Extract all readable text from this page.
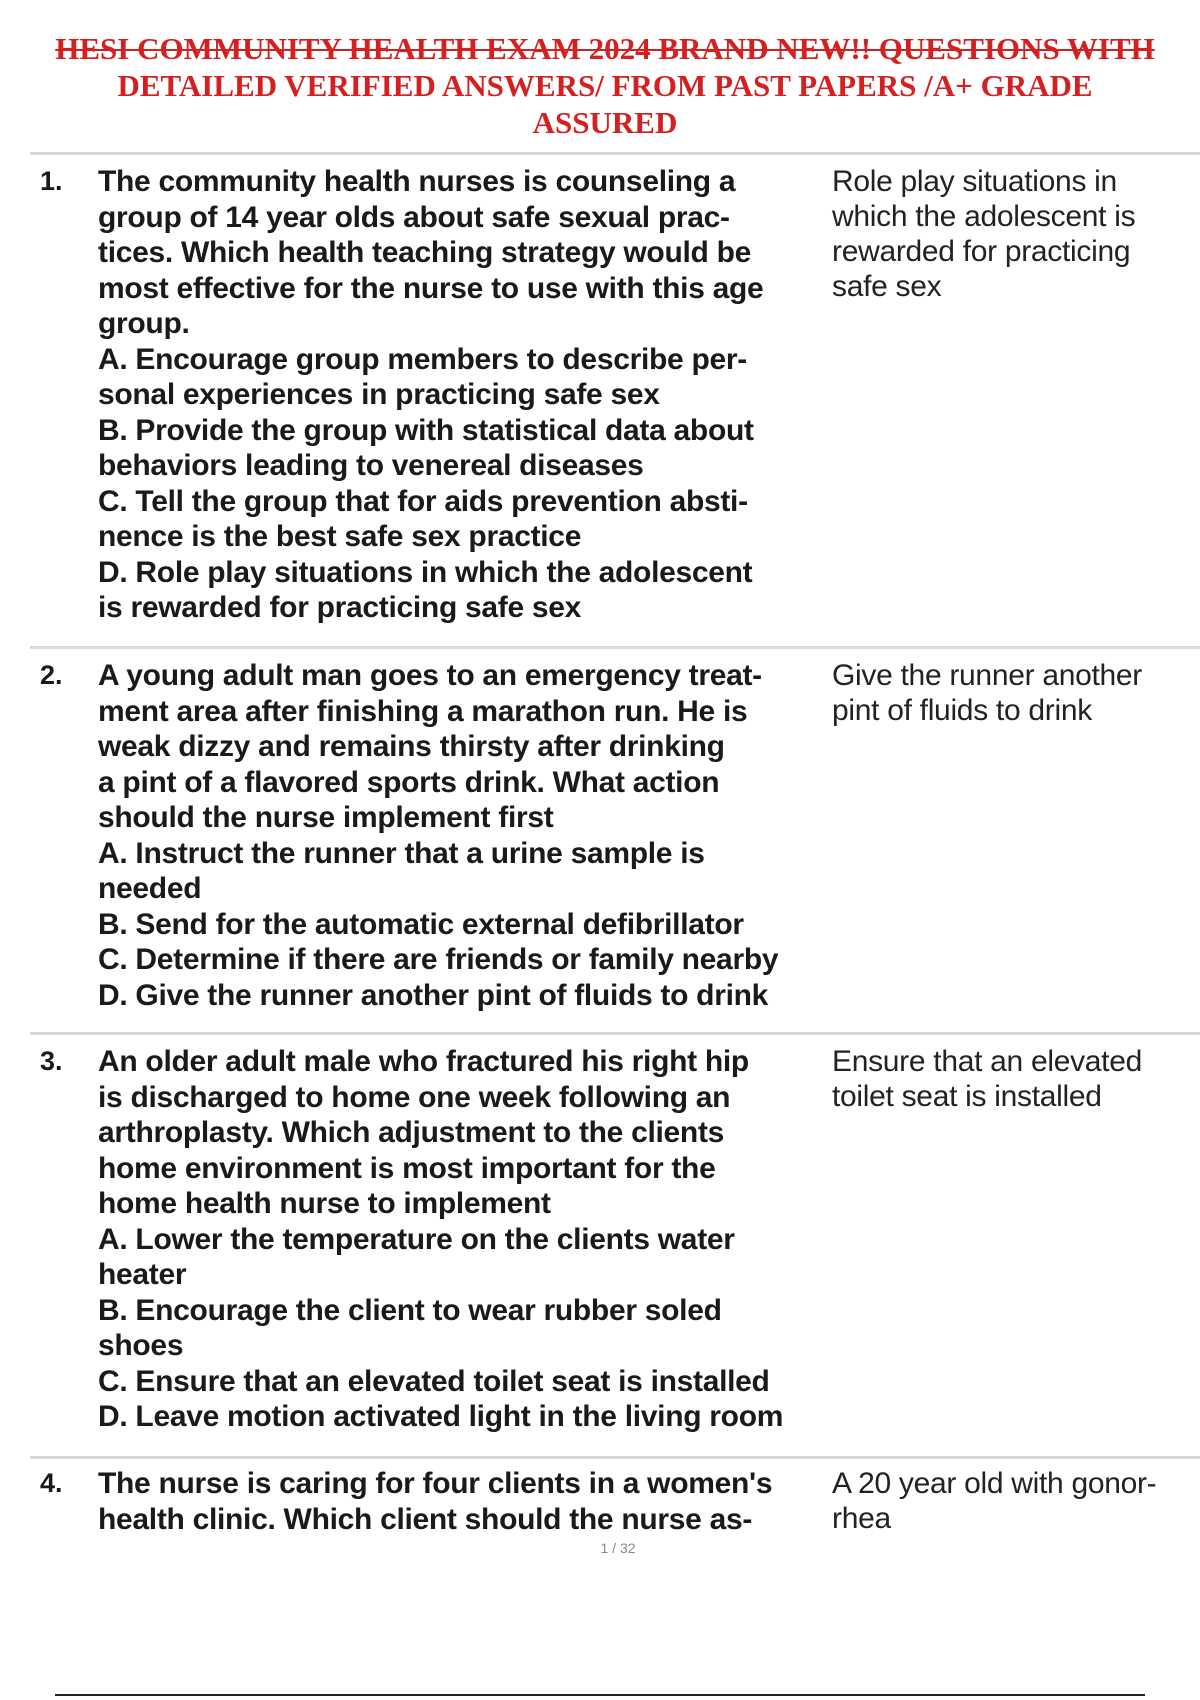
HESI COMMUNITY HEALTH EXAM 2024 BRAND NEW!! QUESTIONS WITH
DETAILED VERIFIED ANSWERS/ FROM PAST PAPERS /A+ GRADE
ASSURED
1. The community health nurses is counseling a
group of 14 year olds about safe sexual prac-
tices. Which health teaching strategy would be
most effective for the nurse to use with this age
group.
A. Encourage group members to describe per-
sonal experiences in practicing safe sex
B. Provide the group with statistical data about
behaviors leading to venereal diseases
C. Tell the group that for aids prevention absti-
nence is the best safe sex practice
D. Role play situations in which the adolescent
is rewarded for practicing safe sex
Role play situations in
which the adolescent is
rewarded for practicing
safe sex
2. A young adult man goes to an emergency treat-
ment area after finishing a marathon run. He is
weak dizzy and remains thirsty after drinking
a pint of a flavored sports drink. What action
should the nurse implement first
A. Instruct the runner that a urine sample is
needed
B. Send for the automatic external defibrillator
C. Determine if there are friends or family nearby
D. Give the runner another pint of fluids to drink
Give the runner another
pint of fluids to drink
3. An older adult male who fractured his right hip
is discharged to home one week following an
arthroplasty. Which adjustment to the clients
home environment is most important for the
home health nurse to implement
A. Lower the temperature on the clients water
heater
B. Encourage the client to wear rubber soled
shoes
C. Ensure that an elevated toilet seat is installed
D. Leave motion activated light in the living room
Ensure that an elevated
toilet seat is installed
4. The nurse is caring for four clients in a women's
health clinic. Which client should the nurse as-
A 20 year old with gonor-
rhea
1 / 32
